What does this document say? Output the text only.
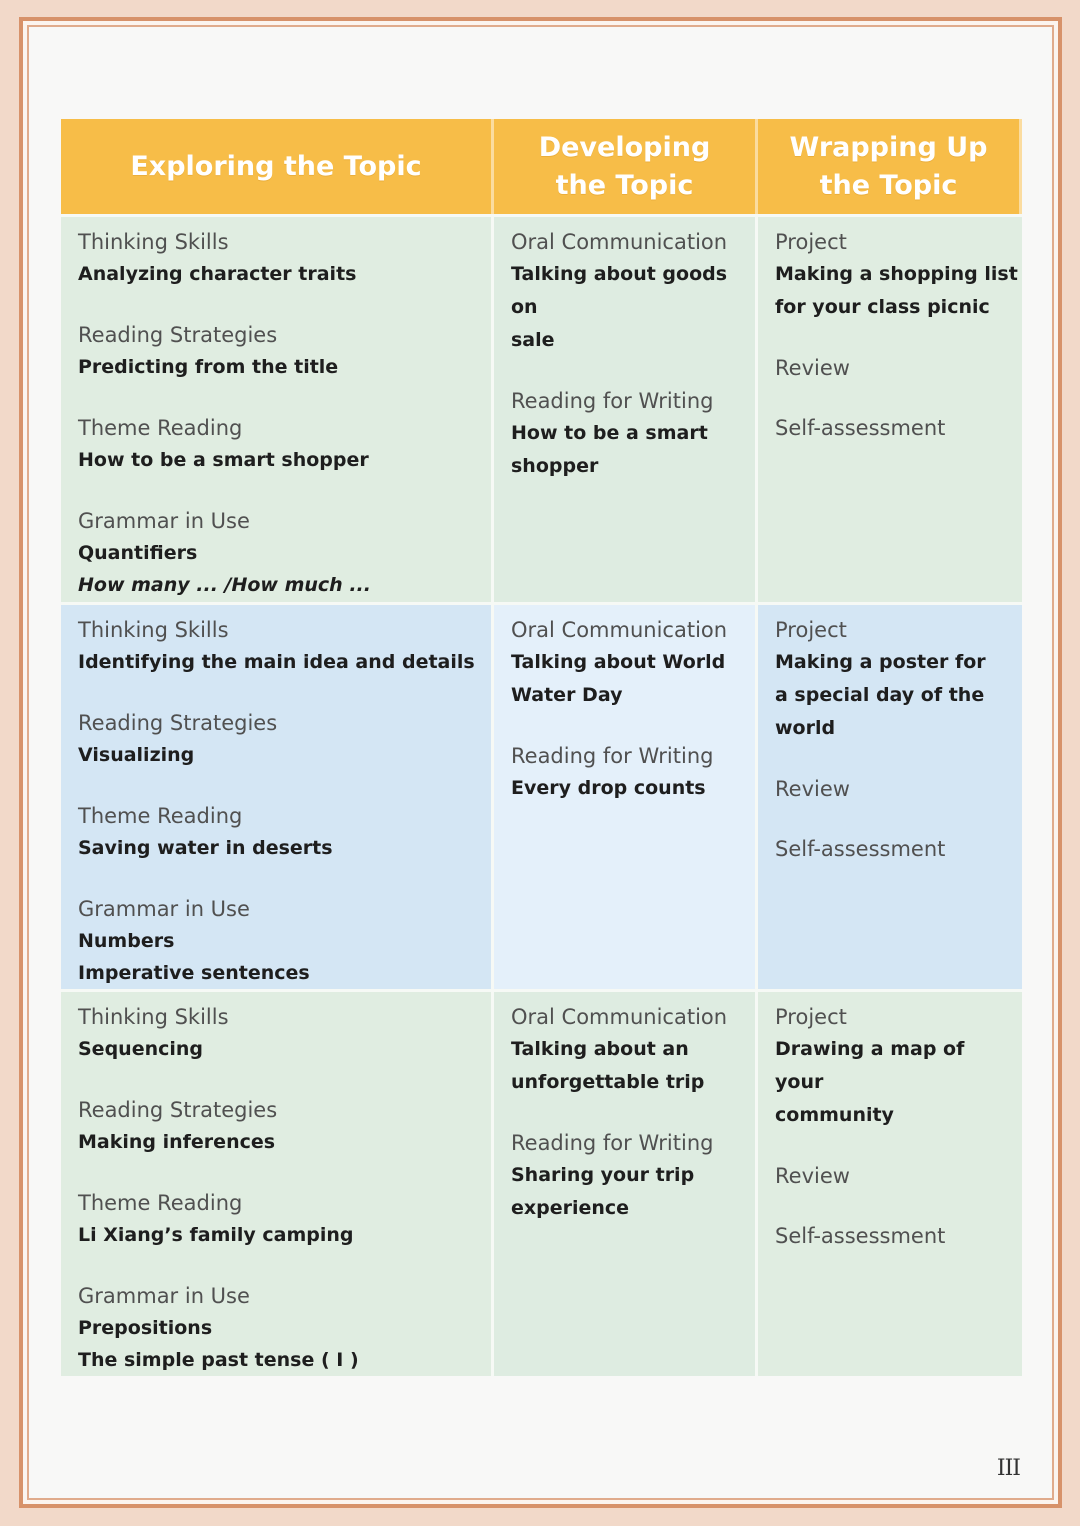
Exploring the Topic
Developing
the Topic
Wrapping Up
the Topic
Thinking Skills
Analyzing character traits
Reading Strategies
Predicting from the title
Theme Reading
How to be a smart shopper
Grammar in Use
Quantifiers
How many ... /How much ...
Oral Communication
Talking about goods on
sale
Reading for Writing
How to be a smart
shopper
Project
Making a shopping list
for your class picnic
Review
Self-assessment
Thinking Skills
Identifying the main idea and details
Reading Strategies
Visualizing
Theme Reading
Saving water in deserts
Grammar in Use
Numbers
Imperative sentences
Oral Communication
Talking about World
Water Day
Reading for Writing
Every drop counts
Project
Making a poster for
a special day of the
world
Review
Self-assessment
Thinking Skills
Sequencing
Reading Strategies
Making inferences
Theme Reading
Li Xiang’s family camping
Grammar in Use
Prepositions
The simple past tense ( Ⅰ )
Oral Communication
Talking about an
unforgettable trip
Reading for Writing
Sharing your trip
experience
Project
Drawing a map of your
community
Review
Self-assessment
III
